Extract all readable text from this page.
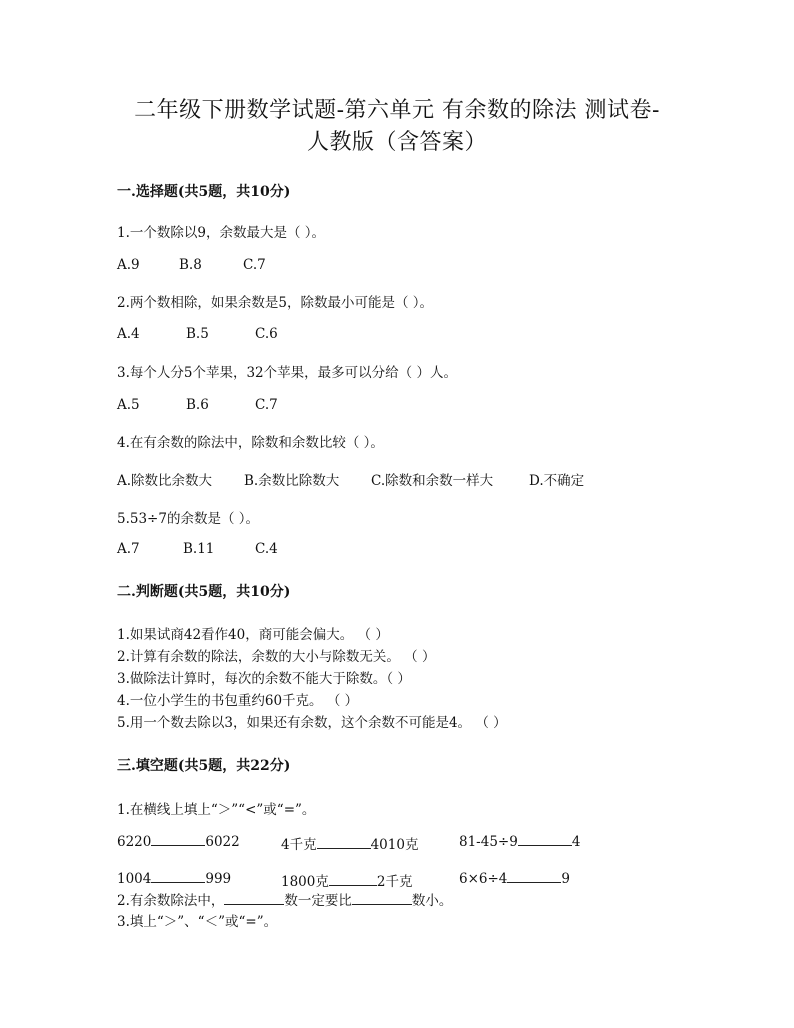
二年级下册数学试题-第六单元 有余数的除法 测试卷-
人教版（含答案）
一.选择题(共5题，共10分)
1.一个数除以9，余数最大是（ ）。
A.9	B.8	C.7
2.两个数相除，如果余数是5，除数最小可能是（ ）。
A.4	B.5	C.6
3.每个人分5个苹果，32个苹果，最多可以分给（ ）人。
A.5	B.6	C.7
4.在有余数的除法中，除数和余数比较（ ）。
A.除数比余数大 B.余数比除数大 C.除数和余数一样大	D.不确定
5.53÷7的余数是（ ）。
A.7	B.11	C.4
二.判断题(共5题，共10分)
1.如果试商42看作40，商可能会偏大。 （ ）
2.计算有余数的除法，余数的大小与除数无关。 （ ）
3.做除法计算时，每次的余数不能大于除数。（ ）
4.一位小学生的书包重约60千克。 （ ）
5.用一个数去除以3，如果还有余数，这个余数不可能是4。 （ ）
三.填空题(共5题，共22分)
1.在横线上填上“＞”“<”或“=”。
6220	6022	4千克	4010克	81-45÷9	4
1004	999	1800克	2千克	6×6÷4	9
2.有余数除法中，	数一定要比	数小。
3.填上“＞”、“＜”或“=”。
